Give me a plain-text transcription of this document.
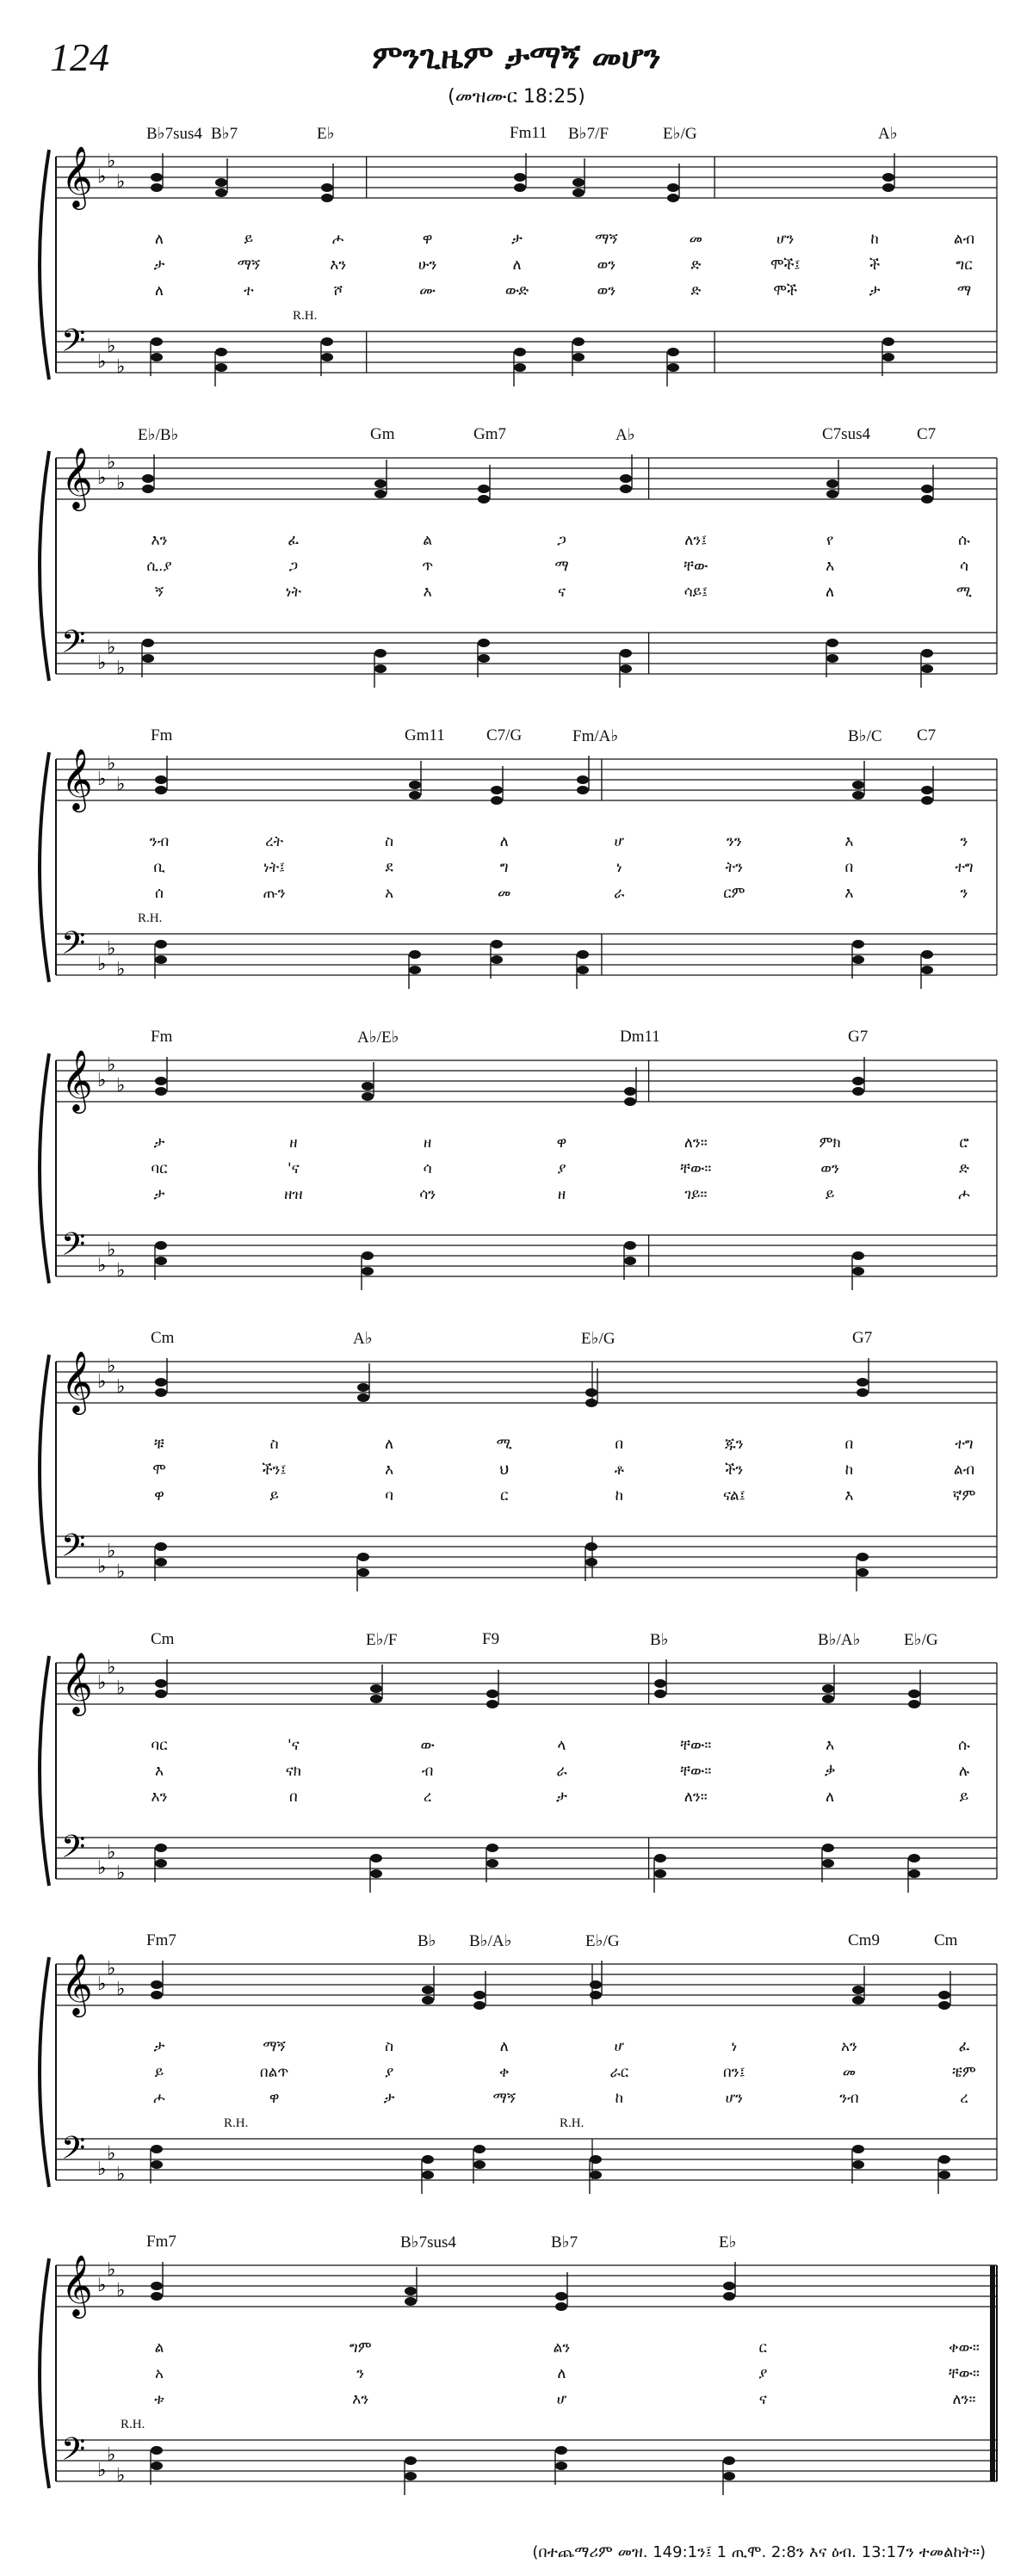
124	ምንጊዜም ታማኝ መሆን
(መዝሙር 18:25)
𝄞
𝄢
♭
♭
♭
♭
♭
♭
B♭7sus4 B♭7	E♭	Fm11 B♭7/F	E♭/G	A♭
R.H.
ለ	ይ	ሖ	ዋ	ታ	ማኝ	መ	ሆን	ከ	ልብ
ታ	ማኝ	እን	ሁን	ለ	ወን	ድ	ሞች፤	ች	ግር
ለ	ተ	ሾ	ሙ	ውድ	ወን	ድ	ሞች	ታ	ማ
𝄞
𝄢
♭
♭
♭
♭
♭
♭
E♭/B♭	Gm	Gm7	A♭	C7sus4	C7
እን	ፈ	ል	ጋ	ለን፤	የ	ሱ
ሲ.ያ	ጋ	ጥ	ማ	ቸው	እ	ሳ
ኝ	ነት	እ	ና	ሳይ፤	ለ	ሚ
𝄞
𝄢
♭
♭
♭
♭
♭
♭
Fm	Gm11	C7/G	Fm/A♭	B♭/C C7
R.H.
ንብ	ረት	ስ	ለ	ሆ	ንን	እ	ን
ቢ	ነት፤	ደ	ግ	ነ	ትን	በ	ተግ
ሰ	ጡን	አ	መ	ራ	ርም	እ	ን
𝄞
𝄢
♭
♭
♭
♭
♭
♭
Fm	A♭/E♭	Dm11	G7
ታ	ዘ	ዘ	ዋ	ለን።	ምክ	ሮ
ባር	'ና	ሳ	ያ	ቸው።	ወን	ድ
ታ	ዘዝ	ሳን	ዘ	ገይ።	ይ	ሖ
𝄞
𝄢
♭
♭
♭
♭
♭
♭
Cm	A♭	E♭/G	G7
ቹ	ስ	ለ	ሚ	በ	ጁን	በ	ተግ
ሞ	ችን፤	እ	ህ	ቶ	ችን	ከ	ልብ
ዋ	ይ	ባ	ር	ከ	ናል፤	እ	ኛም
𝄞
𝄢
♭
♭
♭
♭
♭
♭
Cm	E♭/F	F9	B♭	B♭/A♭	E♭/G
ባር	'ና	ው	ላ	ቸው።	እ	ሱ
እ	ናክ	ብ	ራ	ቸው።	ቃ	ሉ
እን	በ	ረ	ታ	ለን።	ለ	ይ
𝄞
𝄢
♭
♭
♭
♭
♭
♭
Fm7	B♭ B♭/A♭	E♭/G	Cm9	Cm
R.H.	R.H.
ታ	ማኝ	ስ	ለ	ሆ	ነ	አን	ፈ
ይ	በልጥ	ያ	ቀ	ራር	በን፤	መ	ቼም
ሖ	ዋ	ታ	ማኝ	ከ	ሆን	ንብ	ረ
𝄞
𝄢
♭
♭
♭
♭
♭
♭
Fm7	B♭7sus4	B♭7	E♭
R.H.
ል	ግም	ልን	ር	ቀው።
አ	ን	ለ	ያ	ቸው።
ቱ	እን	ሆ	ና	ለን።
(በተጨማሪም መዝ. 149:1ን፤ 1 ጢሞ. 2:8ን እና ዕብ. 13:17ን ተመልከት።)
